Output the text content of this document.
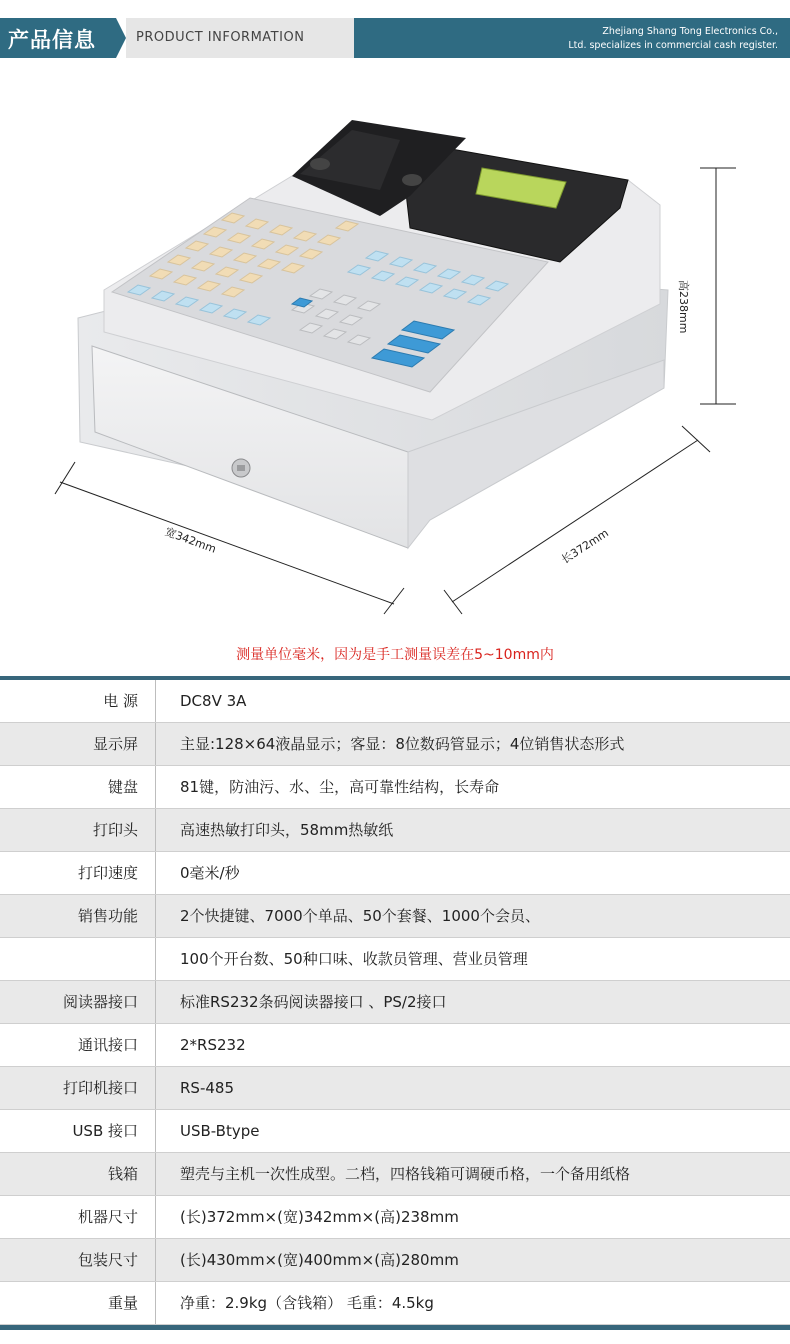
产品信息	PRODUCT INFORMATION	Zhejiang Shang Tong Electronics Co.,
Ltd. specializes in commercial cash register.
高238mm
宽342mm	长372mm
测量单位毫米，因为是手工测量误差在5~10mm内
电 源	DC8V 3A
显示屏	主显:128×64液晶显示；客显：8位数码管显示；4位销售状态形式
键盘	81键，防油污、水、尘，高可靠性结构，长寿命
打印头	高速热敏打印头，58mm热敏纸
打印速度	0毫米/秒
销售功能	2个快捷键、7000个单品、50个套餐、1000个会员、
100个开台数、50种口味、收款员管理、营业员管理
阅读器接口	标准RS232条码阅读器接口 、PS/2接口
通讯接口	2*RS232
打印机接口	RS-485
USB 接口	USB-Btype
钱箱	塑壳与主机一次性成型。二档，四格钱箱可调硬币格，一个备用纸格
机器尺寸	(长)372mm×(宽)342mm×(高)238mm
包装尺寸	(长)430mm×(宽)400mm×(高)280mm
重量	净重：2.9kg（含钱箱） 毛重：4.5kg
